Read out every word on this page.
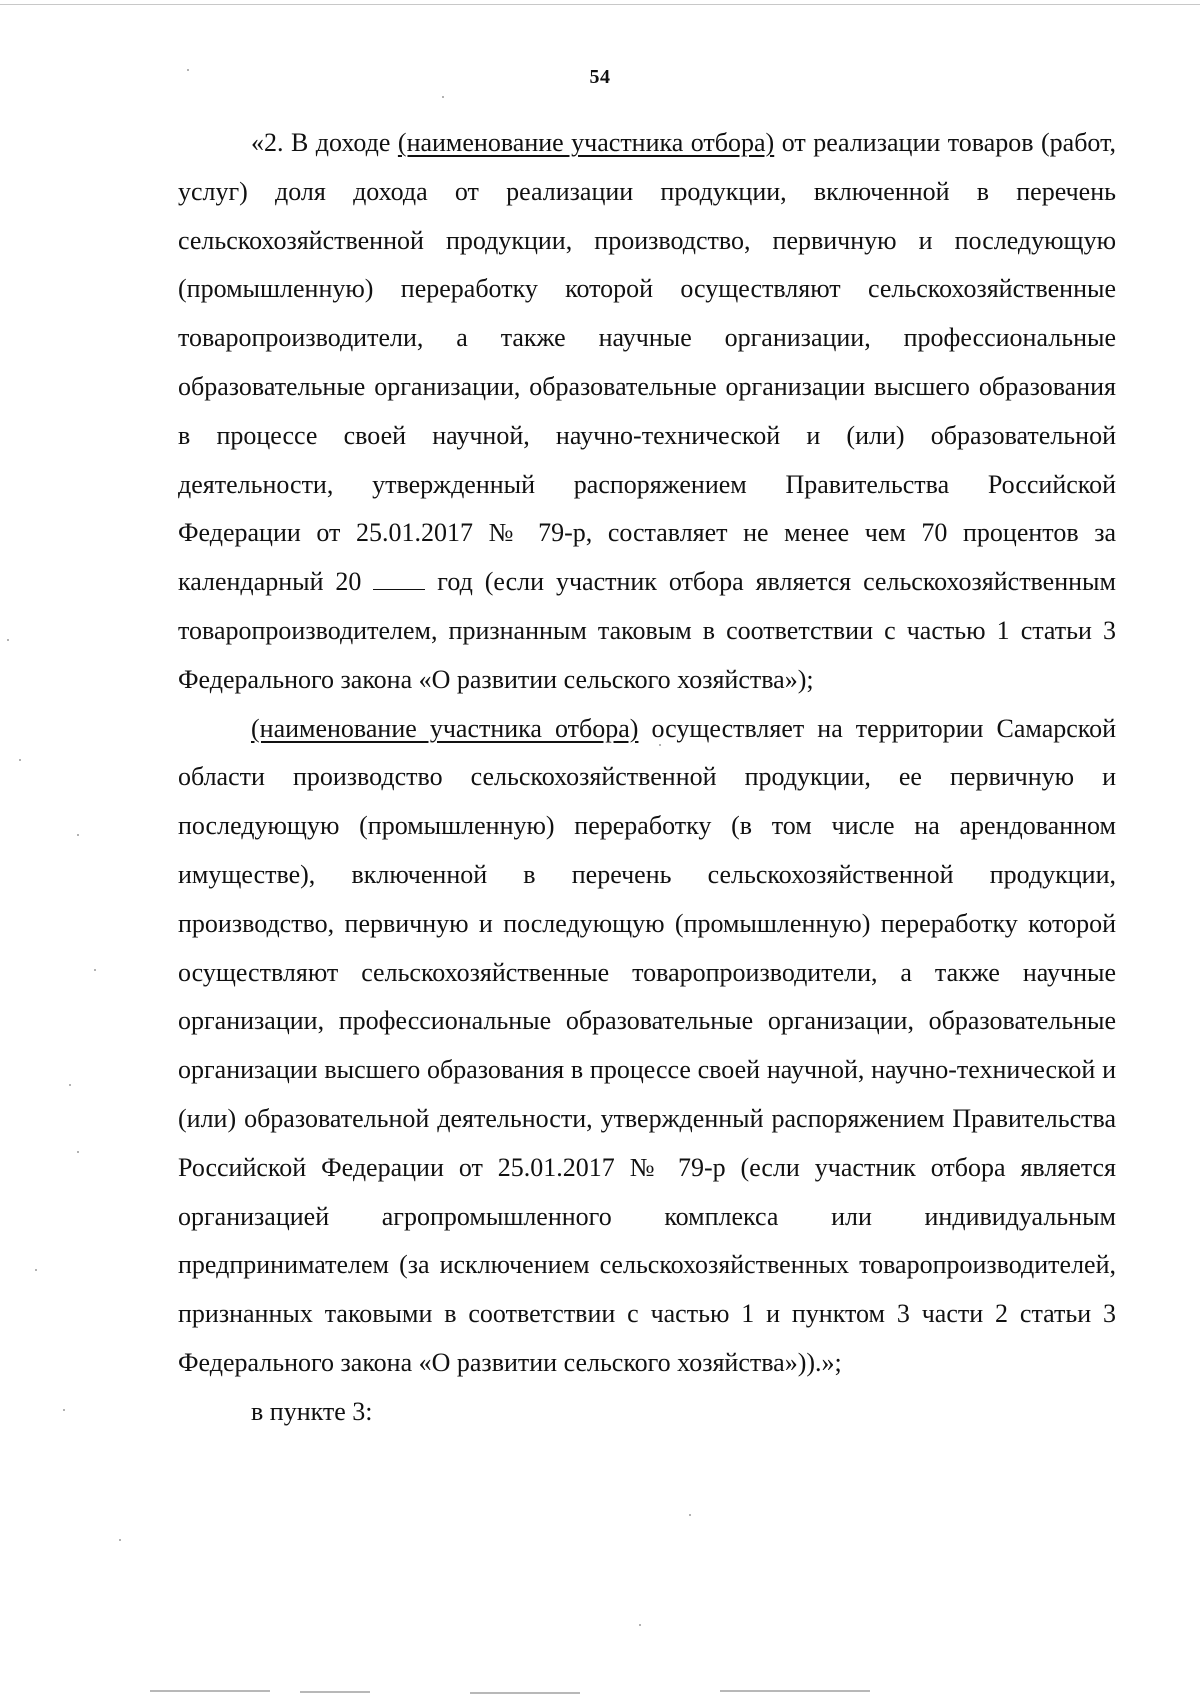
54

«2. В доходе (наименование участника отбора) от реализации товаров (работ, услуг) доля дохода от реализации продукции, включенной в перечень сельскохозяйственной продукции, производство, первичную и последующую (промышленную) переработку которой осуществляют сельскохозяйственные товаропроизводители, а также научные организации, профессиональные образовательные организации, образовательные организации высшего образования в процессе своей научной, научно-технической и (или) образовательной деятельности, утвержденный распоряжением Правительства Российской Федерации от 25.01.2017 № 79-р, составляет не менее чем 70 процентов за календарный 20  год (если участник отбора является сельскохозяйственным товаропроизводителем, признанным таковым в соответствии с частью 1 статьи 3 Федерального закона «О развитии сельского хозяйства»);

(наименование участника отбора) осуществляет на территории Самарской области производство сельскохозяйственной продукции, ее первичную и последующую (промышленную) переработку (в том числе на арендованном имуществе), включенной в перечень сельскохозяйственной продукции, производство, первичную и последующую (промышленную) переработку которой осуществляют сельскохозяйственные товаропроизводители, а также научные организации, профессиональные образовательные организации, образовательные организации высшего образования в процессе своей научной, научно-технической и (или) образовательной деятельности, утвержденный распоряжением Правительства Российской Федерации от 25.01.2017 № 79-р (если участник отбора является организацией агропромышленного комплекса или индивидуальным предпринимателем (за исключением сельскохозяйственных товаропроизводителей, признанных таковыми в соответствии с частью 1 и пунктом 3 части 2 статьи 3 Федерального закона «О развитии сельского хозяйства»)).»;

в пункте 3:
